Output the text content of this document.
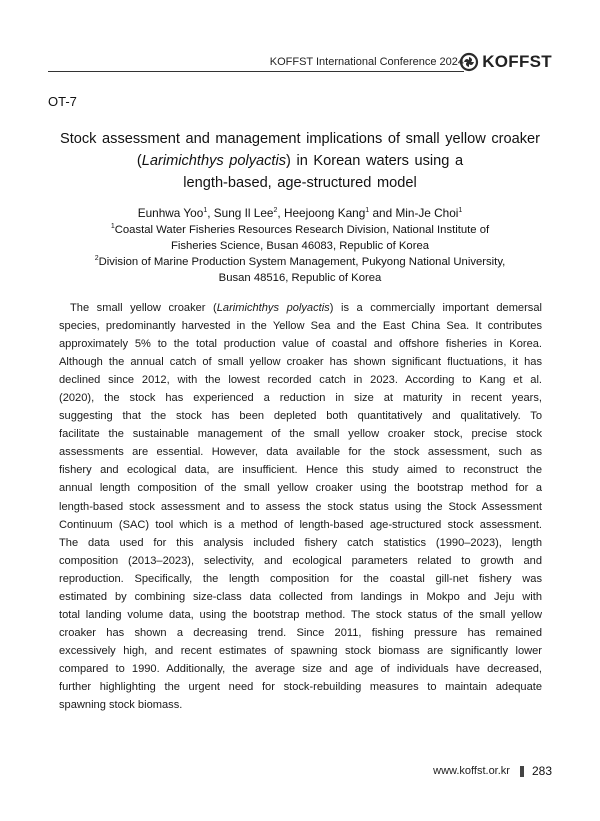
KOFFST International Conference 2024 KOFFST
OT-7
Stock assessment and management implications of small yellow croaker
(Larimichthys polyactis) in Korean waters using a
length-based, age-structured model
Eunhwa Yoo$^1$, Sung Il Lee$^2$, Heejoong Kang$^1$ and Min-Je Choi$^1$
$^1$Coastal Water Fisheries Resources Research Division, National Institute of
Fisheries Science, Busan 46083, Republic of Korea
$^2$Division of Marine Production System Management, Pukyong National University,
Busan 48516, Republic of Korea
The small yellow croaker (Larimichthys polyactis) is a commercially important demersal
species, predominantly harvested in the Yellow Sea and the East China Sea. It contributes
approximately 5% to the total production value of coastal and offshore fisheries in Korea.
Although the annual catch of small yellow croaker has shown significant fluctuations, it has
declined since 2012, with the lowest recorded catch in 2023. According to Kang et al.
(2020), the stock has experienced a reduction in size at maturity in recent years,
suggesting that the stock has been depleted both quantitatively and qualitatively. To
facilitate the sustainable management of the small yellow croaker stock, precise stock
assessments are essential. However, data available for the stock assessment, such as
fishery and ecological data, are insufficient. Hence this study aimed to reconstruct the
annual length composition of the small yellow croaker using the bootstrap method for a
length-based stock assessment and to assess the stock status using the Stock Assessment
Continuum (SAC) tool which is a method of length-based age-structured stock assessment.
The data used for this analysis included fishery catch statistics (1990–2023), length
composition (2013–2023), selectivity, and ecological parameters related to growth and
reproduction. Specifically, the length composition for the coastal gill-net fishery was
estimated by combining size-class data collected from landings in Mokpo and Jeju with
total landing volume data, using the bootstrap method. The stock status of the small yellow
croaker has shown a decreasing trend. Since 2011, fishing pressure has remained
excessively high, and recent estimates of spawning stock biomass are significantly lower
compared to 1990. Additionally, the average size and age of individuals have decreased,
further highlighting the urgent need for stock-rebuilding measures to maintain adequate
spawning stock biomass.
www.koffst.or.kr 283
